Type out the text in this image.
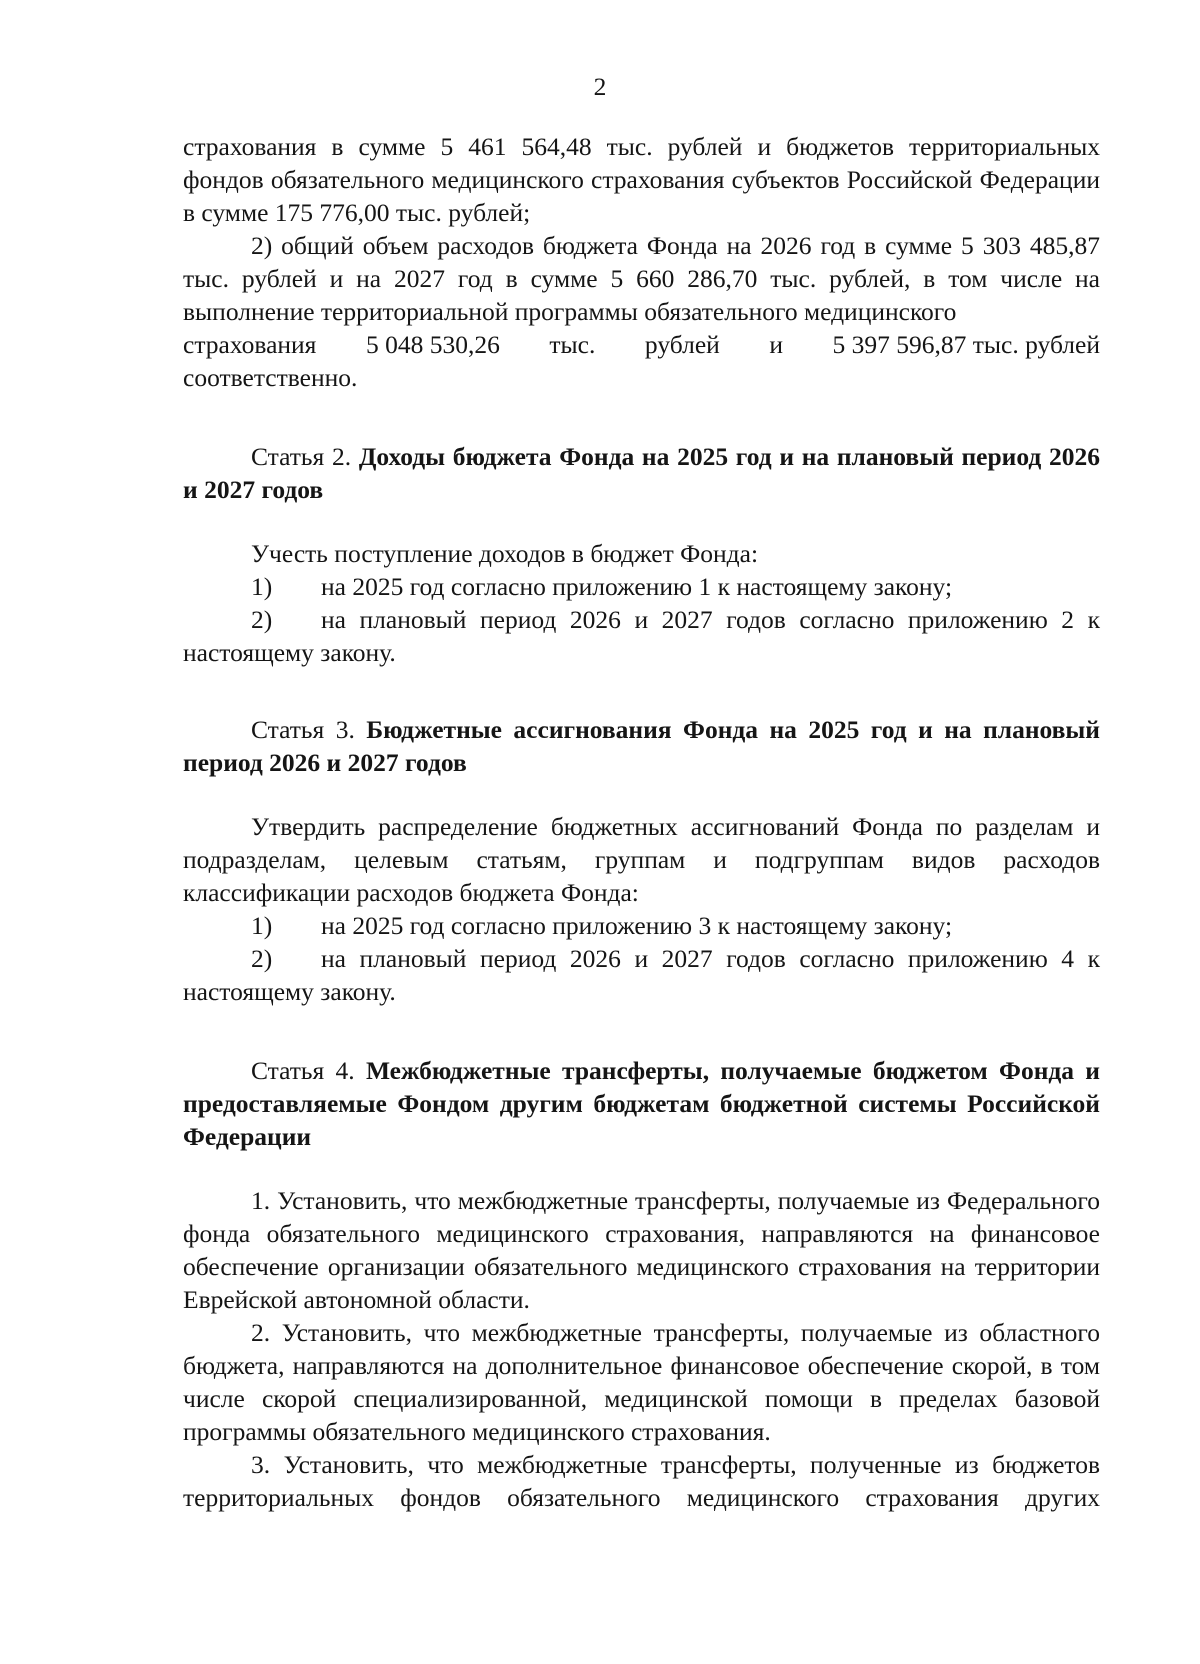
2

страхования в сумме 5 461 564,48 тыс. рублей и бюджетов территориальных фондов обязательного медицинского страхования субъектов Российской Федерации в сумме 175 776,00 тыс. рублей;

2) общий объем расходов бюджета Фонда на 2026 год в сумме 5 303 485,87 тыс. рублей и на 2027 год в сумме 5 660 286,70 тыс. рублей, в том числе на выполнение территориальной программы обязательного медицинского

страхования 5 048 530,26 тыс. рублей и 5 397 596,87 тыс. рублей

соответственно.

Статья 2. Доходы бюджета Фонда на 2025 год и на плановый период 2026 и 2027 годов

Учесть поступление доходов в бюджет Фонда:

1)	на 2025 год согласно приложению 1 к настоящему закону;

2) на плановый период 2026 и 2027 годов согласно приложению 2 к настоящему закону.

Статья 3. Бюджетные ассигнования Фонда на 2025 год и на плановый период 2026 и 2027 годов

Утвердить распределение бюджетных ассигнований Фонда по разделам и подразделам, целевым статьям, группам и подгруппам видов расходов классификации расходов бюджета Фонда:

1)	на 2025 год согласно приложению 3 к настоящему закону;

2) на плановый период 2026 и 2027 годов согласно приложению 4 к настоящему закону.

Статья 4. Межбюджетные трансферты, получаемые бюджетом Фонда и предоставляемые Фондом другим бюджетам бюджетной системы Российской Федерации

1. Установить, что межбюджетные трансферты, получаемые из Федерального фонда обязательного медицинского страхования, направляются на финансовое обеспечение организации обязательного медицинского страхования на территории Еврейской автономной области.

2. Установить, что межбюджетные трансферты, получаемые из областного бюджета, направляются на дополнительное финансовое обеспечение скорой, в том числе скорой специализированной, медицинской помощи в пределах базовой программы обязательного медицинского страхования.

3. Установить, что межбюджетные трансферты, полученные из бюджетов территориальных фондов обязательного медицинского страхования других
